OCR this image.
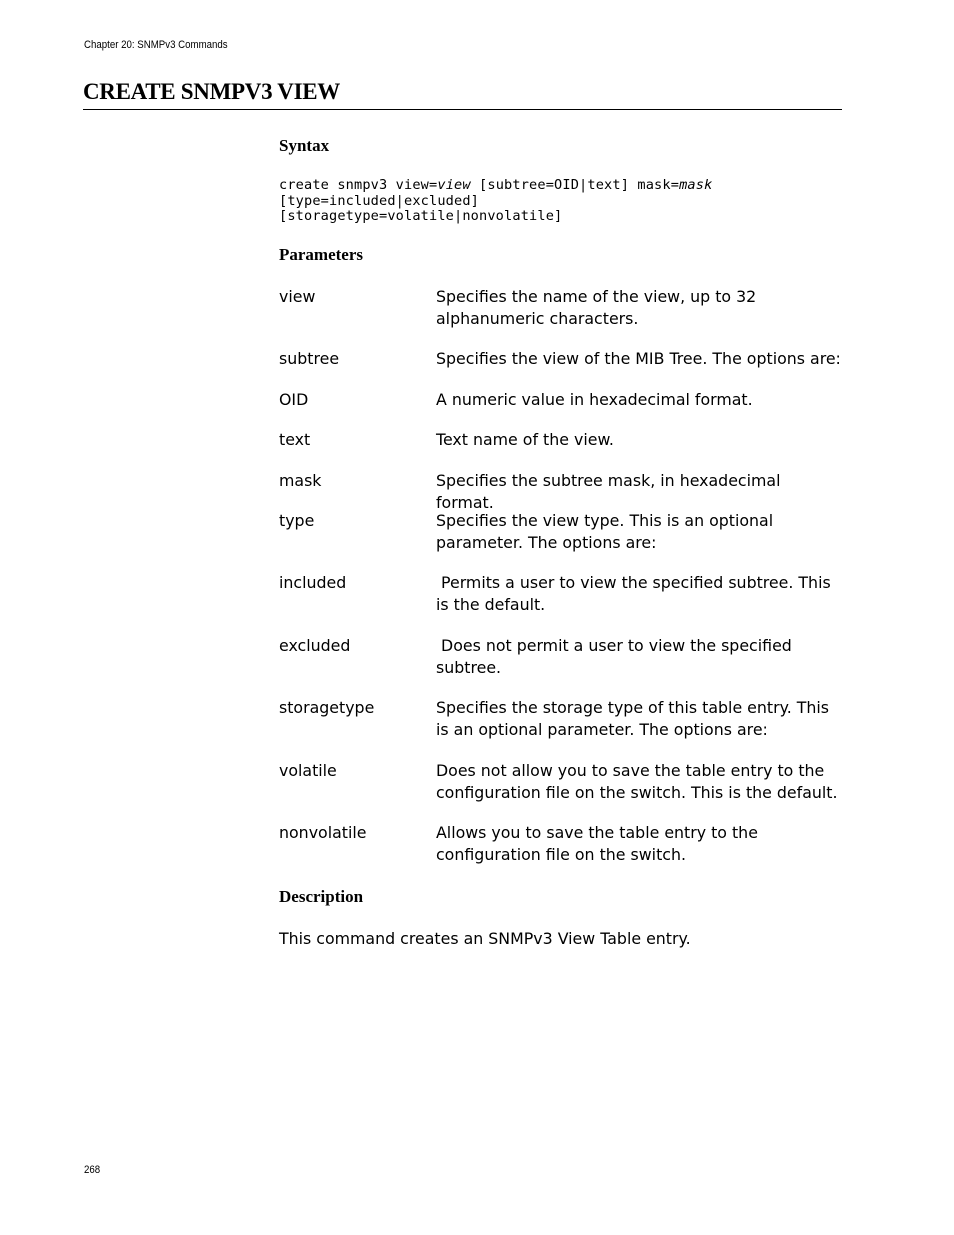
Chapter 20: SNMPv3 Commands
CREATE SNMPV3 VIEW
Syntax
create snmpv3 view=view [subtree=OID|text] mask=mask
[type=included|excluded]
[storagetype=volatile|nonvolatile]
Parameters
view	Specifies the name of the view, up to 32 alphanumeric characters.
subtree	Specifies the view of the MIB Tree. The options are:
OID	A numeric value in hexadecimal format.
text	Text name of the view.
mask	Specifies the subtree mask, in hexadecimal format.
type	Specifies the view type. This is an optional parameter. The options are:
included	Permits a user to view the specified subtree. This is the default.
excluded	Does not permit a user to view the specified subtree.
storagetype	Specifies the storage type of this table entry. This is an optional parameter. The options are:
volatile	Does not allow you to save the table entry to the configuration file on the switch. This is the default.
nonvolatile	Allows you to save the table entry to the configuration file on the switch.
Description
This command creates an SNMPv3 View Table entry.
268
